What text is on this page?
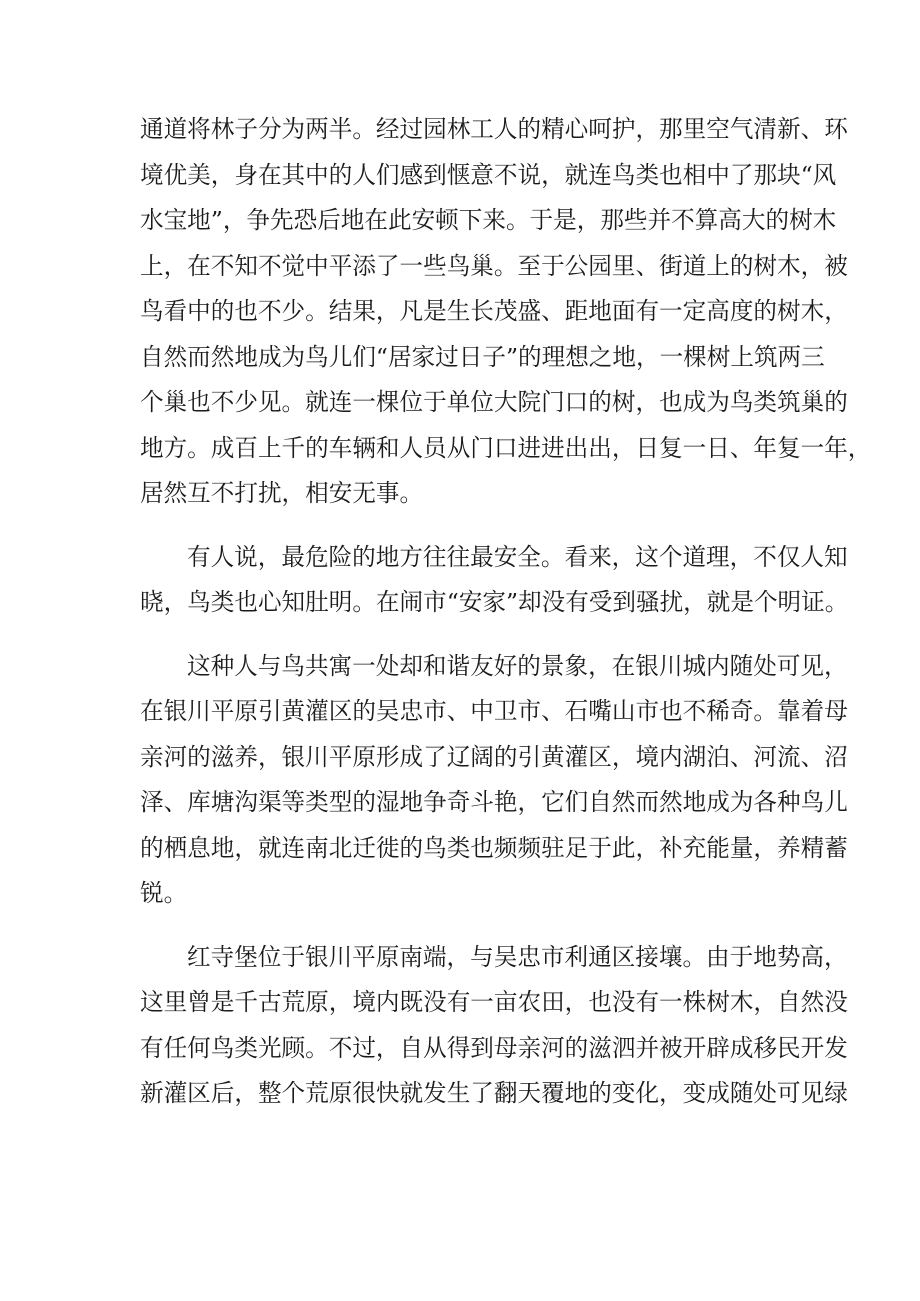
通道将林子分为两半。经过园林工人的精心呵护，那里空气清新、环
境优美，身在其中的人们感到惬意不说，就连鸟类也相中了那块“风
水宝地”，争先恐后地在此安顿下来。于是，那些并不算高大的树木
上，在不知不觉中平添了一些鸟巢。至于公园里、街道上的树木，被
鸟看中的也不少。结果，凡是生长茂盛、距地面有一定高度的树木，
自然而然地成为鸟儿们“居家过日子”的理想之地，一棵树上筑两三
个巢也不少见。就连一棵位于单位大院门口的树，也成为鸟类筑巢的
地方。成百上千的车辆和人员从门口进进出出，日复一日、年复一年，
居然互不打扰，相安无事。
有人说，最危险的地方往往最安全。看来，这个道理，不仅人知
晓，鸟类也心知肚明。在闹市“安家”却没有受到骚扰，就是个明证。
这种人与鸟共寓一处却和谐友好的景象，在银川城内随处可见，
在银川平原引黄灌区的吴忠市、中卫市、石嘴山市也不稀奇。靠着母
亲河的滋养，银川平原形成了辽阔的引黄灌区，境内湖泊、河流、沼
泽、库塘沟渠等类型的湿地争奇斗艳，它们自然而然地成为各种鸟儿
的栖息地，就连南北迁徙的鸟类也频频驻足于此，补充能量，养精蓄
锐。
红寺堡位于银川平原南端，与吴忠市利通区接壤。由于地势高，
这里曾是千古荒原，境内既没有一亩农田，也没有一株树木，自然没
有任何鸟类光顾。不过，自从得到母亲河的滋泗并被开辟成移民开发
新灌区后，整个荒原很快就发生了翻天覆地的变化，变成随处可见绿
